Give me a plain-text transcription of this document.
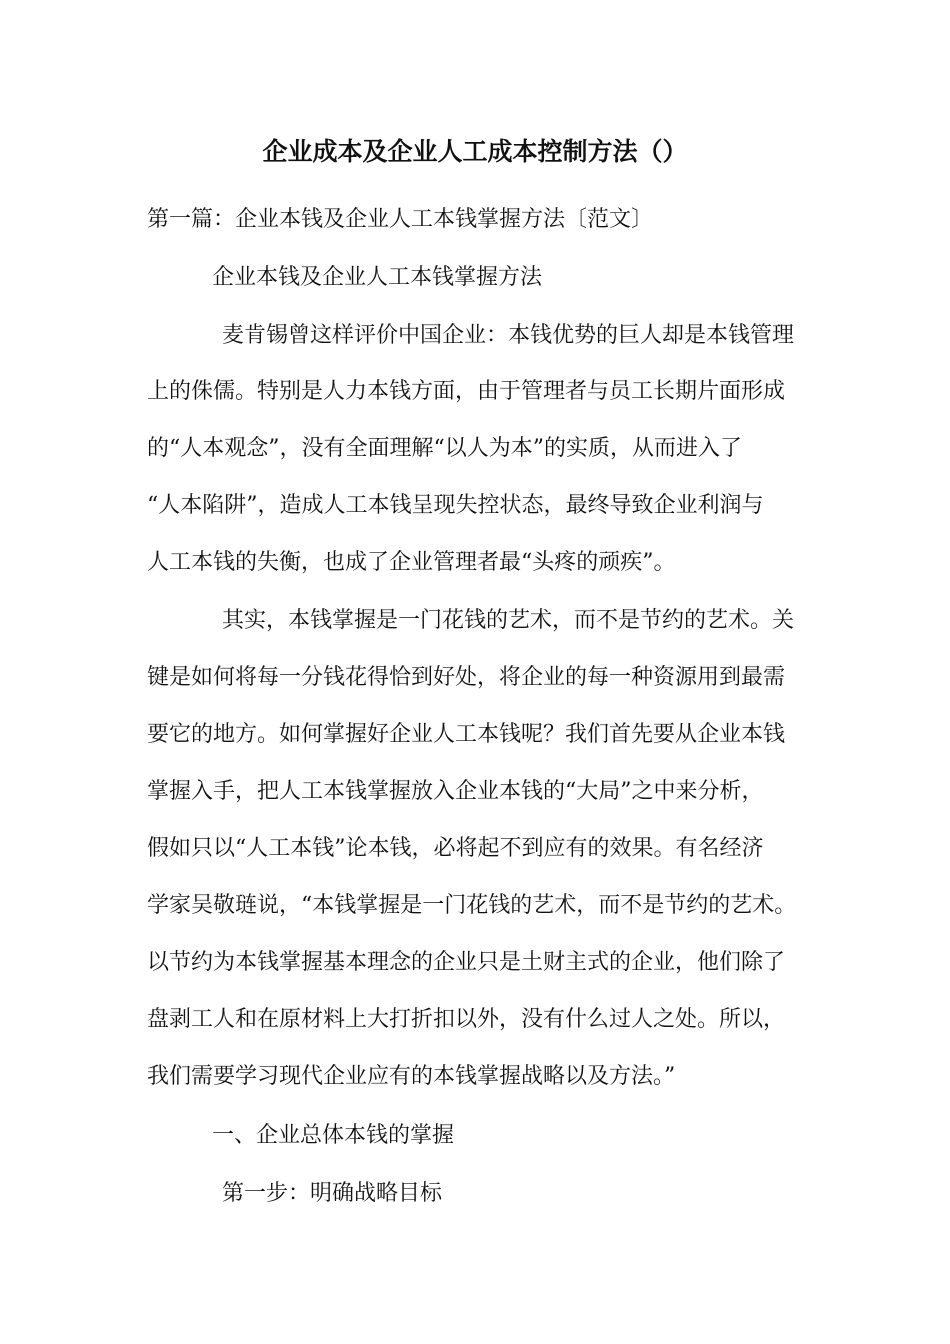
企业成本及企业人工成本控制方法（）

第一篇：企业本钱及企业人工本钱掌握方法〔范文〕

企业本钱及企业人工本钱掌握方法

麦肯锡曾这样评价中国企业：本钱优势的巨人却是本钱管理

上的侏儒。特别是人力本钱方面，由于管理者与员工长期片面形成

的“人本观念”，没有全面理解“以人为本”的实质，从而进入了

“人本陷阱”，造成人工本钱呈现失控状态，最终导致企业利润与

人工本钱的失衡，也成了企业管理者最“头疼的顽疾”。

其实，本钱掌握是一门花钱的艺术，而不是节约的艺术。关

键是如何将每一分钱花得恰到好处，将企业的每一种资源用到最需

要它的地方。如何掌握好企业人工本钱呢？我们首先要从企业本钱

掌握入手，把人工本钱掌握放入企业本钱的“大局”之中来分析，

假如只以“人工本钱”论本钱，必将起不到应有的效果。有名经济

学家吴敬琏说，“本钱掌握是一门花钱的艺术，而不是节约的艺术。

以节约为本钱掌握基本理念的企业只是土财主式的企业，他们除了

盘剥工人和在原材料上大打折扣以外，没有什么过人之处。所以，

我们需要学习现代企业应有的本钱掌握战略以及方法。”

一、企业总体本钱的掌握

第一步：明确战略目标
